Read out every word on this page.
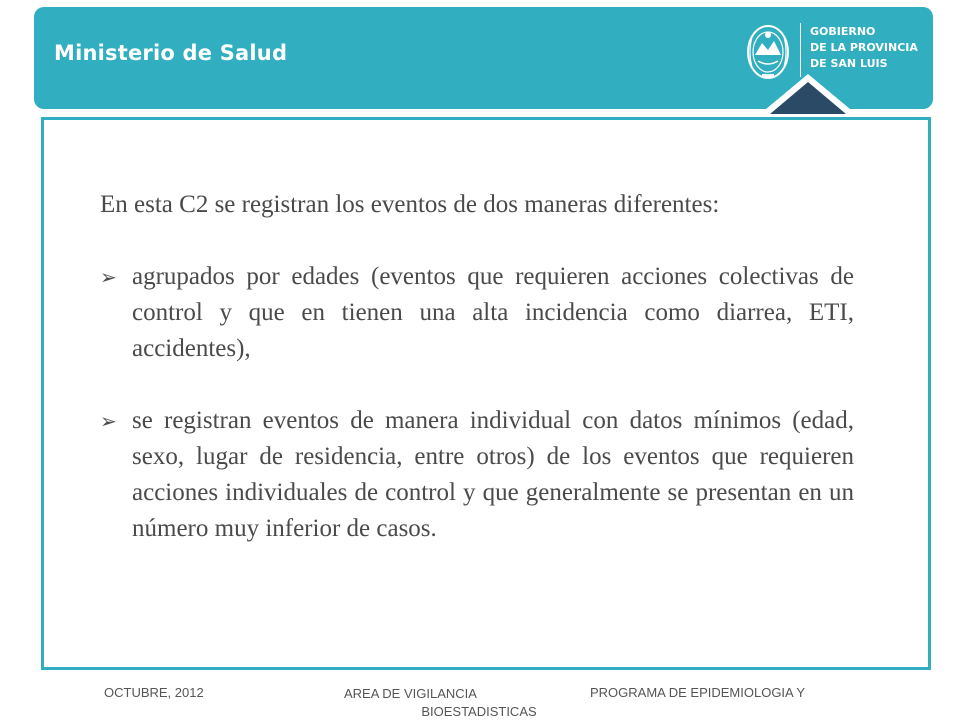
Ministerio de Salud
GOBIERNO
DE LA PROVINCIA
DE SAN LUIS

En esta C2 se registran los eventos de dos maneras diferentes:

➢ agrupados por edades (eventos que requieren acciones colectivas de control y que en tienen una alta incidencia como diarrea, ETI, accidentes),
➢ se registran eventos de manera individual con datos mínimos (edad, sexo, lugar de residencia, entre otros) de los eventos que requieren acciones individuales de control y que generalmente se presentan en un número muy inferior de casos.
OCTUBRE, 2012	AREA DE VIGILANCIA
BIOESTADISTICAS
PROGRAMA DE EPIDEMIOLOGIA Y
